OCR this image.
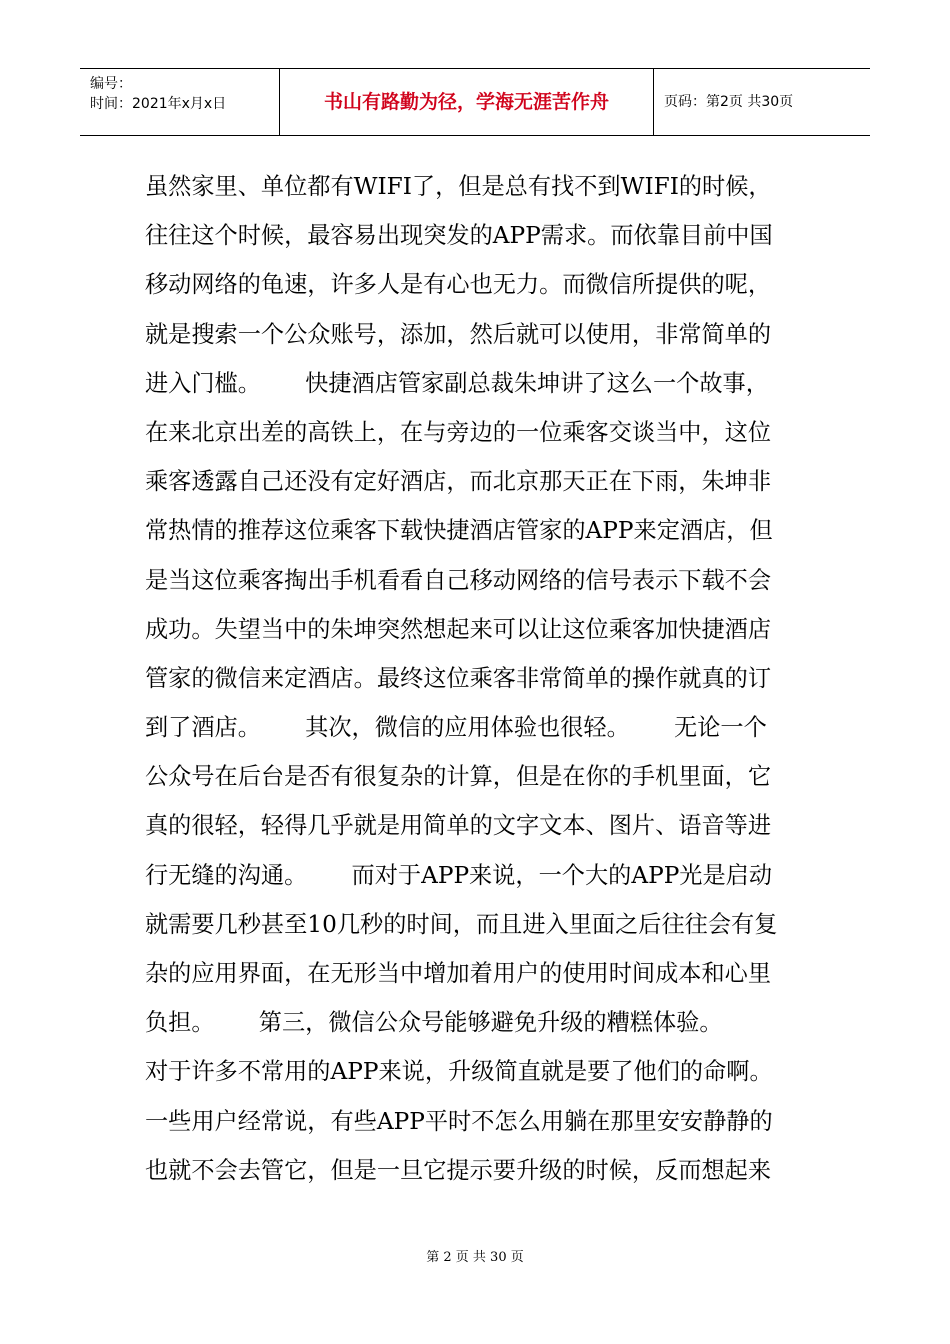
编号：
时间：2021年x月x日	书山有路勤为径，学海无涯苦作舟	页码：第2页 共30页
虽然家里、单位都有WIFI了，但是总有找不到WIFI的时候，
往往这个时候，最容易出现突发的APP需求。而依靠目前中国
移动网络的龟速，许多人是有心也无力。而微信所提供的呢，
就是搜索一个公众账号，添加，然后就可以使用，非常简单的
进入门槛。      快捷酒店管家副总裁朱坤讲了这么一个故事，
在来北京出差的高铁上，在与旁边的一位乘客交谈当中，这位
乘客透露自己还没有定好酒店，而北京那天正在下雨，朱坤非
常热情的推荐这位乘客下载快捷酒店管家的APP来定酒店，但
是当这位乘客掏出手机看看自己移动网络的信号表示下载不会
成功。失望当中的朱坤突然想起来可以让这位乘客加快捷酒店
管家的微信来定酒店。最终这位乘客非常简单的操作就真的订
到了酒店。      其次，微信的应用体验也很轻。      无论一个
公众号在后台是否有很复杂的计算，但是在你的手机里面，它
真的很轻，轻得几乎就是用简单的文字文本、图片、语音等进
行无缝的沟通。      而对于APP来说，一个大的APP光是启动
就需要几秒甚至10几秒的时间，而且进入里面之后往往会有复
杂的应用界面，在无形当中增加着用户的使用时间成本和心里
负担。      第三，微信公众号能够避免升级的糟糕体验。
对于许多不常用的APP来说，升级简直就是要了他们的命啊。
一些用户经常说，有些APP平时不怎么用躺在那里安安静静的
也就不会去管它，但是一旦它提示要升级的时候，反而想起来
第 2 页 共 30 页
